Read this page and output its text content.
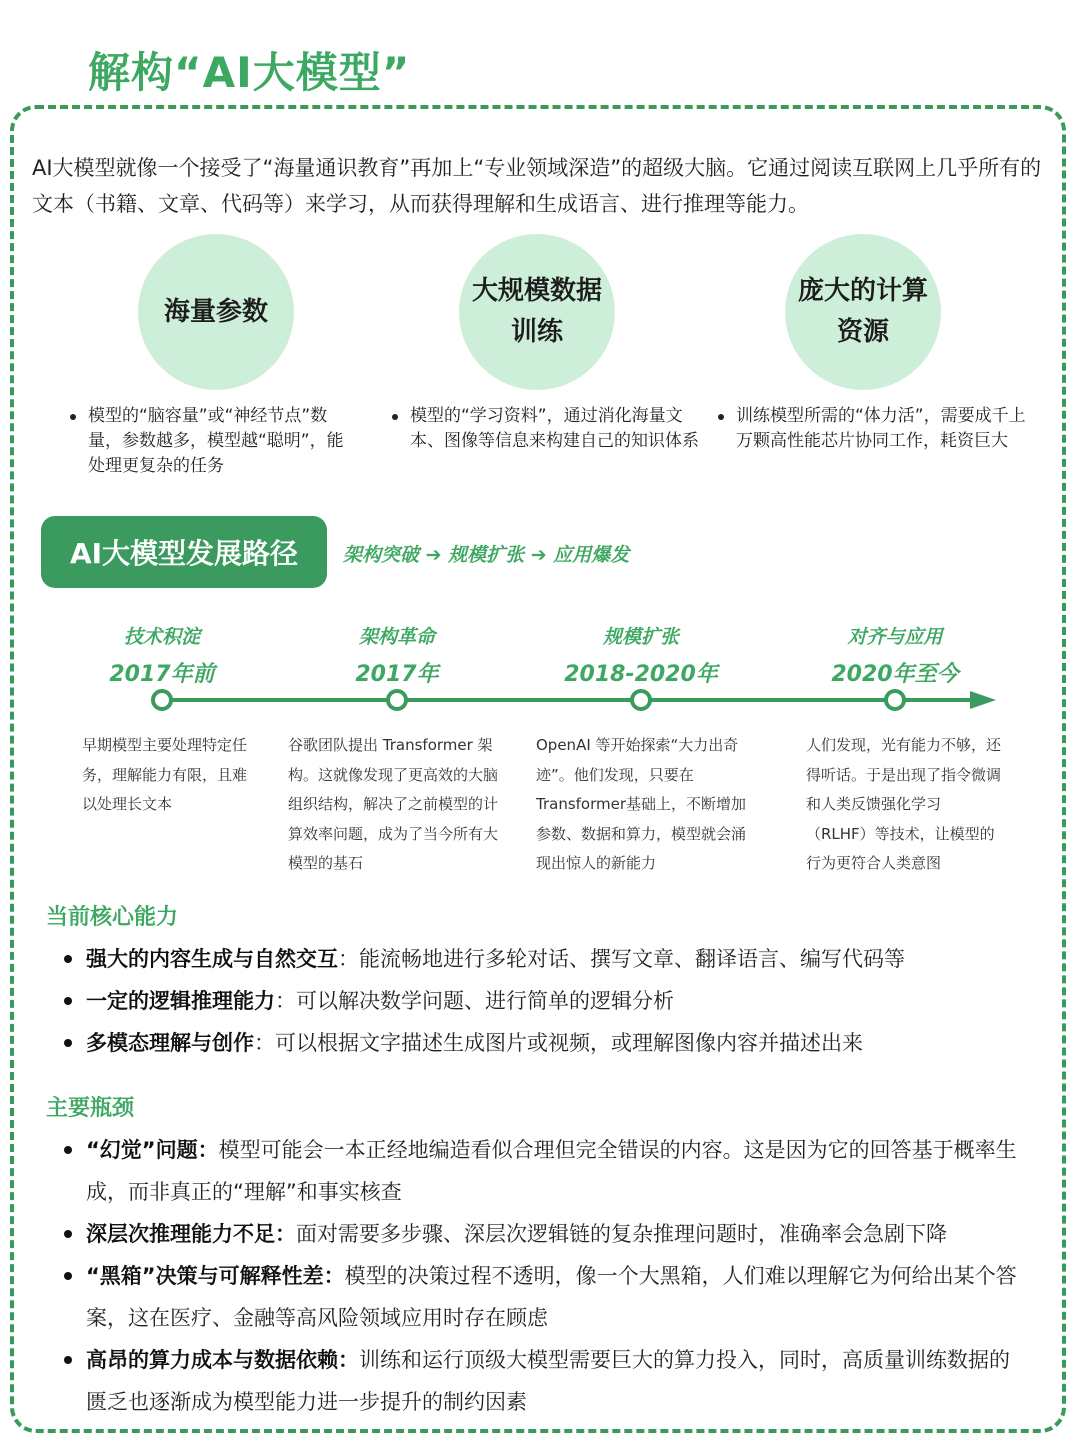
解构“AI大模型”

AI大模型就像一个接受了“海量通识教育”再加上“专业领域深造”的超级大脑。它通过阅读互联网上几乎所有的文本（书籍、文章、代码等）来学习，从而获得理解和生成语言、进行推理等能力。

海量参数
大规模数据训练
庞大的计算资源
模型的“脑容量”或“神经节点”数量，参数越多，模型越“聪明”，能处理更复杂的任务
模型的“学习资料”，通过消化海量文本、图像等信息来构建自己的知识体系
训练模型所需的“体力活”，需要成千上万颗高性能芯片协同工作，耗资巨大
AI大模型发展路径	架构突破 ➔ 规模扩张 ➔ 应用爆发
技术积淀
2017年前
架构革命
2017年
规模扩张
2018-2020年
对齐与应用
2020年至今

早期模型主要处理特定任务，理解能力有限，且难以处理长文本

谷歌团队提出 Transformer 架构。这就像发现了更高效的大脑组织结构，解决了之前模型的计算效率问题，成为了当今所有大模型的基石

OpenAI 等开始探索“大力出奇迹”。他们发现，只要在Transformer基础上，不断增加参数、数据和算力，模型就会涌现出惊人的新能力

人们发现，光有能力不够，还得听话。于是出现了指令微调和人类反馈强化学习（RLHF）等技术，让模型的行为更符合人类意图

当前核心能力
强大的内容生成与自然交互：能流畅地进行多轮对话、撰写文章、翻译语言、编写代码等
一定的逻辑推理能力：可以解决数学问题、进行简单的逻辑分析
多模态理解与创作：可以根据文字描述生成图片或视频，或理解图像内容并描述出来
主要瓶颈
“幻觉”问题：模型可能会一本正经地编造看似合理但完全错误的内容。这是因为它的回答基于概率生成，而非真正的“理解”和事实核查
深层次推理能力不足：面对需要多步骤、深层次逻辑链的复杂推理问题时，准确率会急剧下降
“黑箱”决策与可解释性差：模型的决策过程不透明，像一个大黑箱，人们难以理解它为何给出某个答案，这在医疗、金融等高风险领域应用时存在顾虑
高昂的算力成本与数据依赖：训练和运行顶级大模型需要巨大的算力投入，同时，高质量训练数据的匮乏也逐渐成为模型能力进一步提升的制约因素
